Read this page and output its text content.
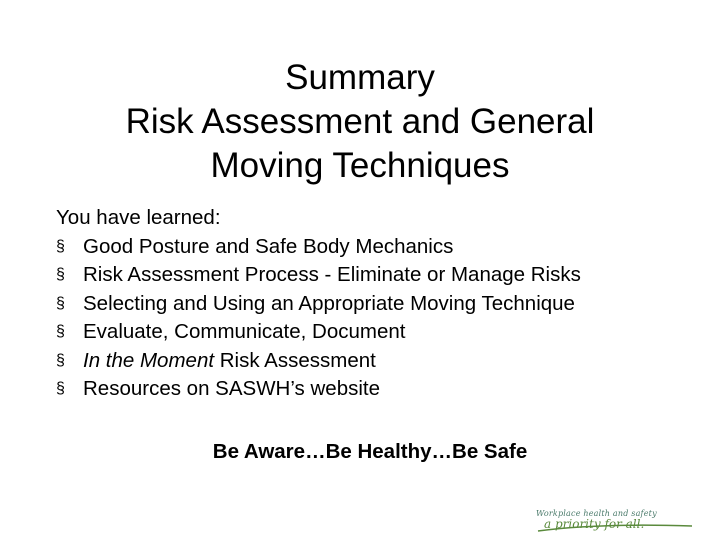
Summary
Risk Assessment and General
Moving Techniques
You have learned:
§ Good Posture and Safe Body Mechanics
§ Risk Assessment Process - Eliminate or Manage Risks
§ Selecting and Using an Appropriate Moving Technique
§ Evaluate, Communicate, Document
§ In the Moment Risk Assessment
§ Resources on SASWH’s website
Be Aware…Be Healthy…Be Safe
Workplace health and safety
a priority for all.
